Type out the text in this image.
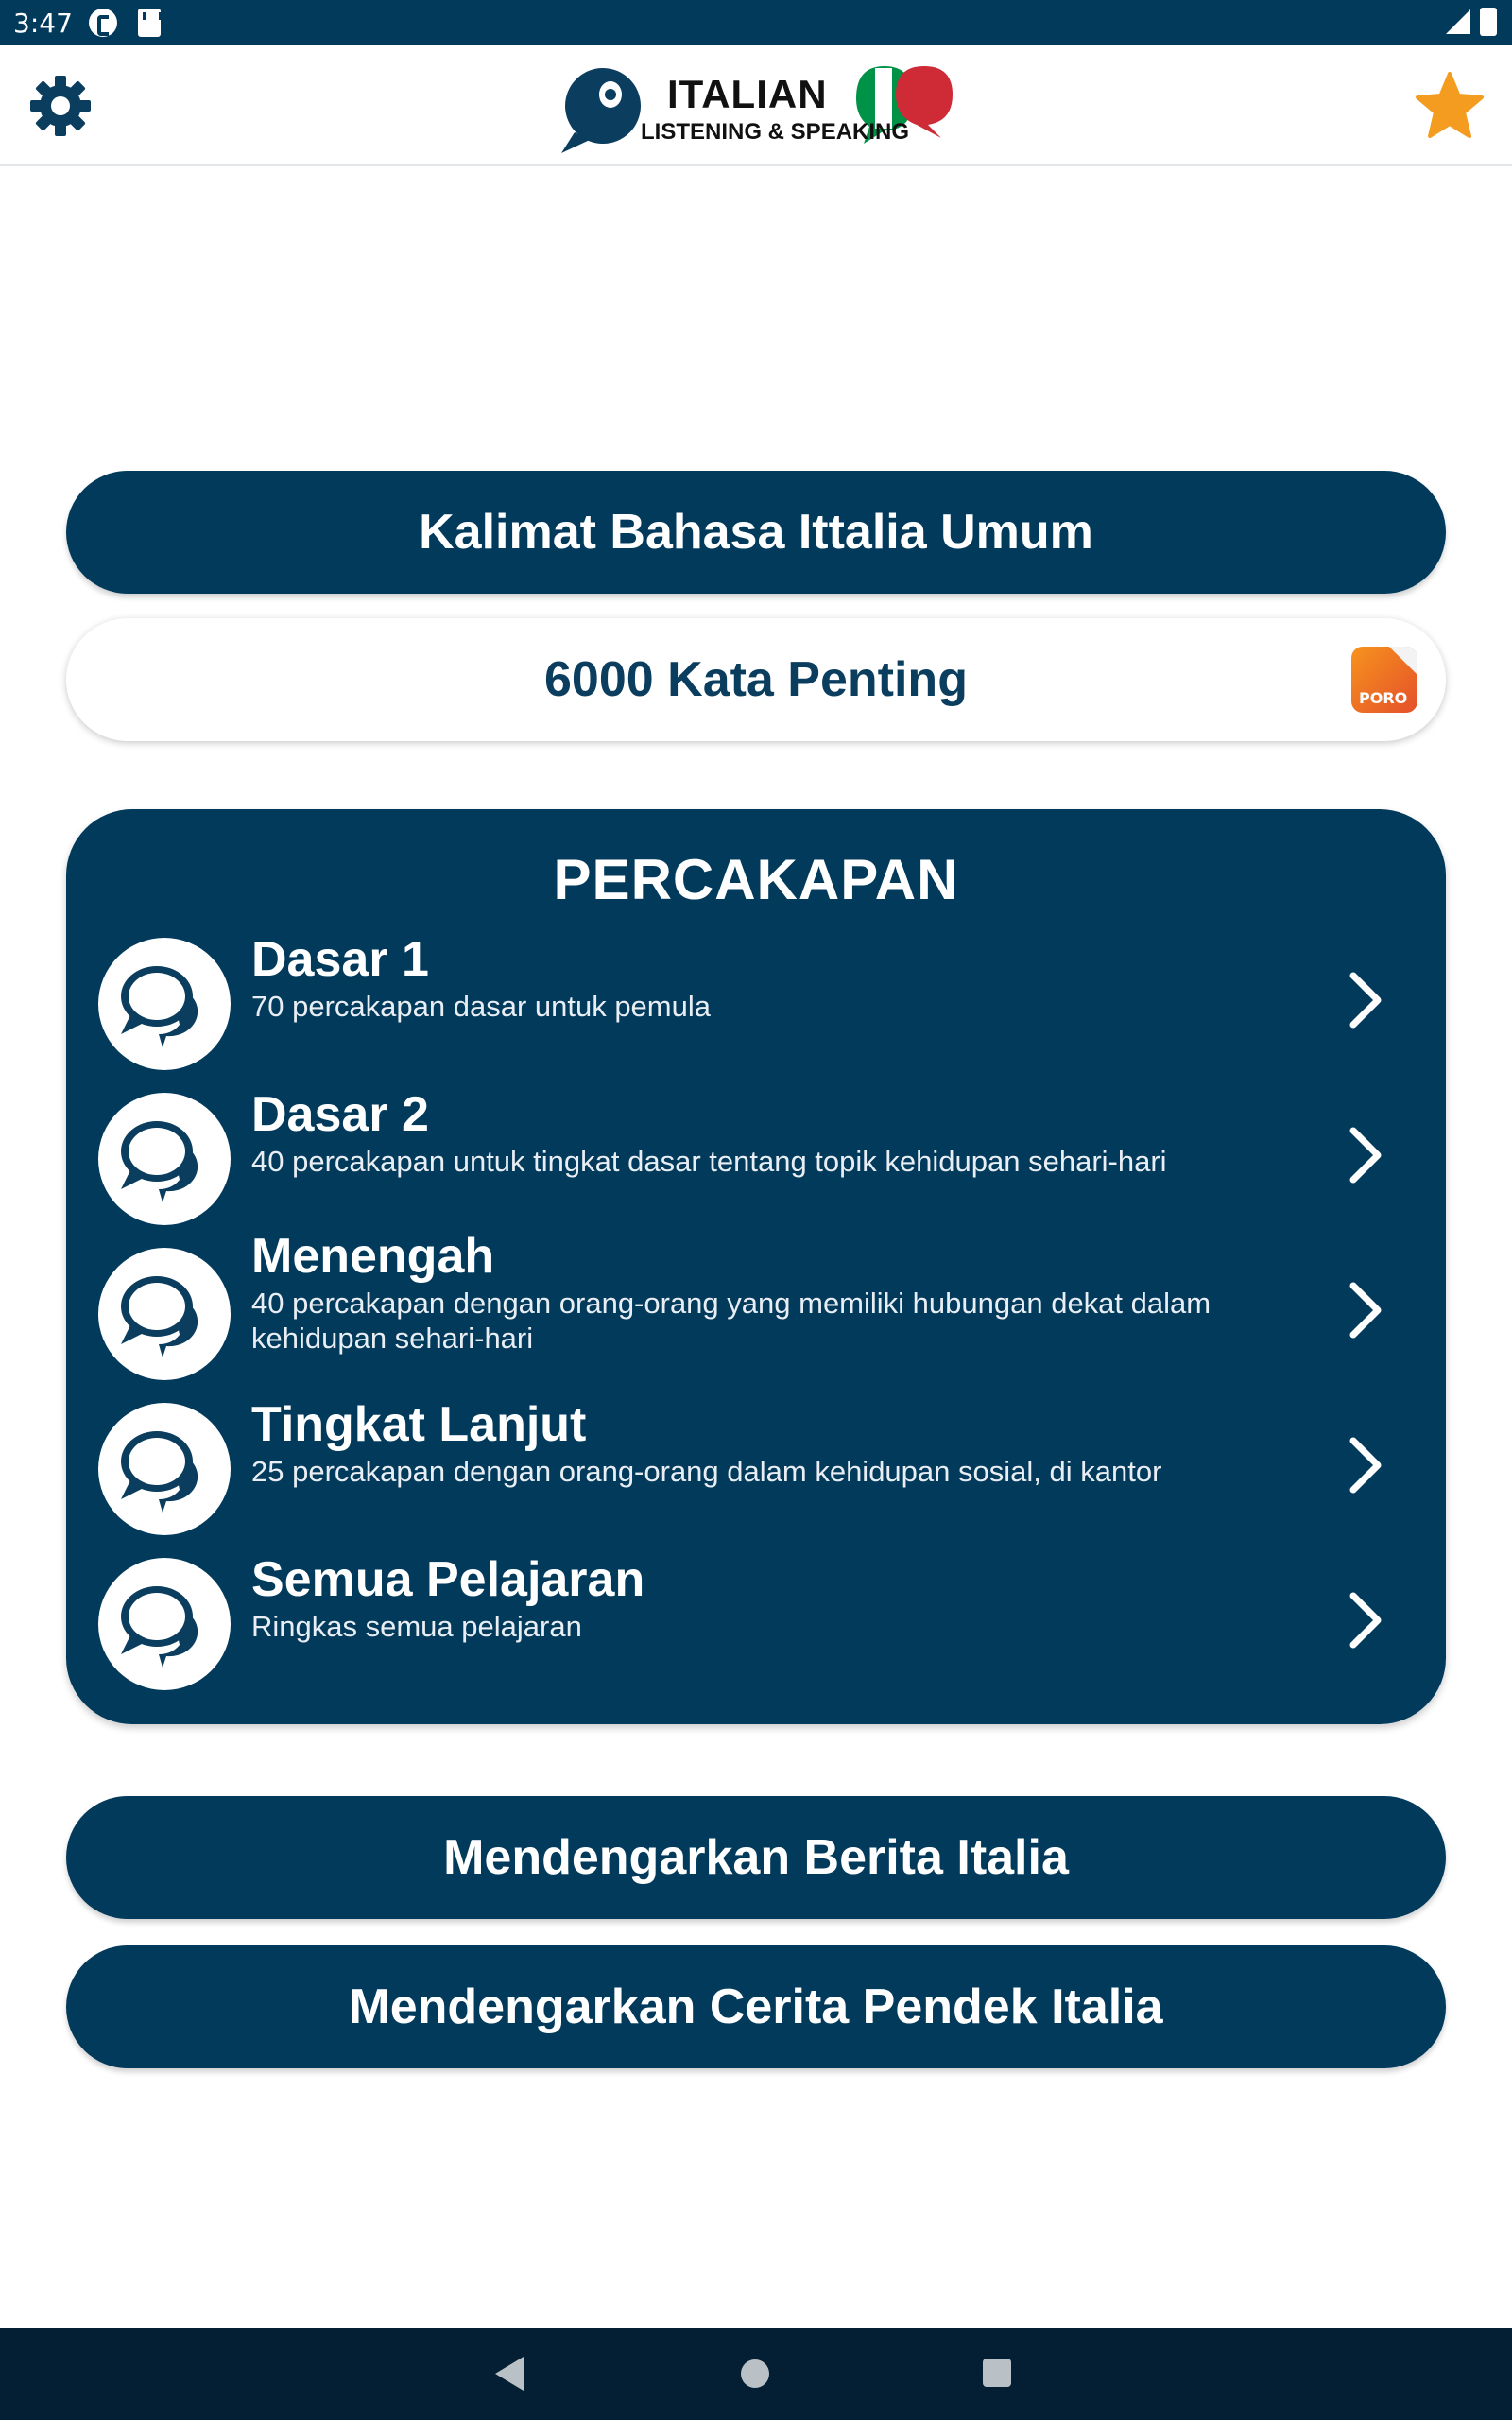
3:47
ITALIAN
LISTENING & SPEAKING
Kalimat Bahasa Ittalia Umum
6000 Kata Penting	PORO
PERCAKAPAN
Dasar 1
70 percakapan dasar untuk pemula
Dasar 2
40 percakapan untuk tingkat dasar tentang topik kehidupan sehari-hari
Menengah
40 percakapan dengan orang-orang yang memiliki hubungan dekat dalam kehidupan sehari-hari
Tingkat Lanjut
25 percakapan dengan orang-orang dalam kehidupan sosial, di kantor
Semua Pelajaran
Ringkas semua pelajaran
Mendengarkan Berita Italia
Mendengarkan Cerita Pendek Italia
